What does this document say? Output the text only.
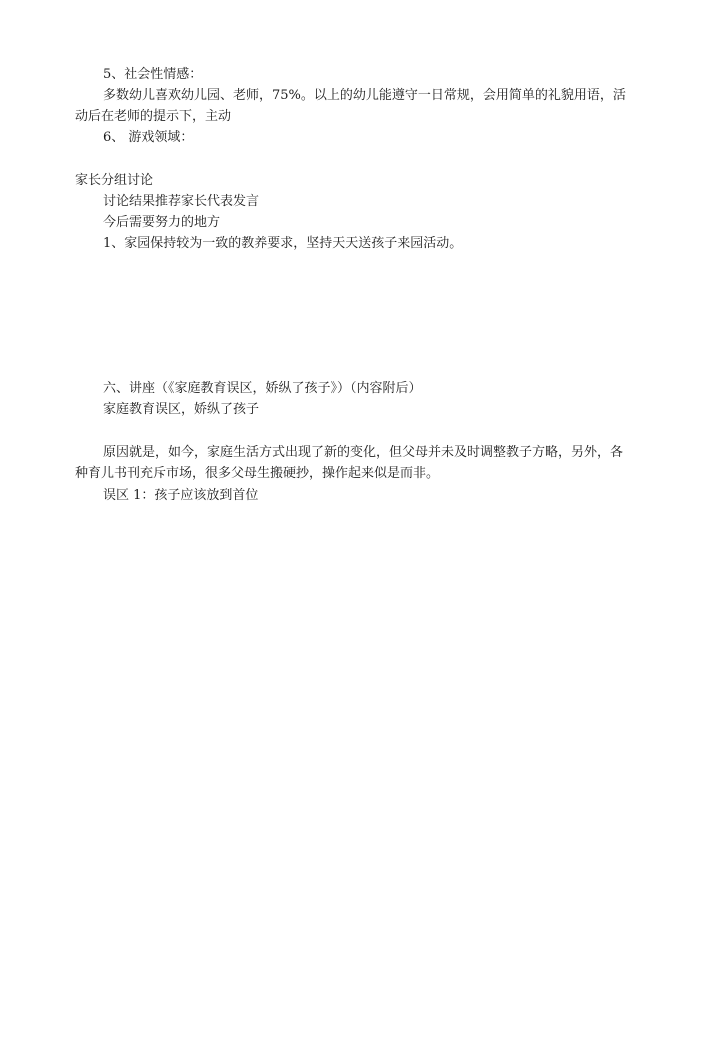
5、社会性情感：
多数幼儿喜欢幼儿园、老师，75%。以上的幼儿能遵守一日常规，会用简单的礼貌用语，活
动后在老师的提示下，主动
6、 游戏领域：
家长分组讨论
讨论结果推荐家长代表发言
今后需要努力的地方
1、家园保持较为一致的教养要求，坚持天天送孩子来园活动。
六、讲座（《家庭教育误区，娇纵了孩子》）（内容附后）
家庭教育误区，娇纵了孩子
原因就是，如今，家庭生活方式出现了新的变化，但父母并未及时调整教子方略，另外，各
种育儿书刊充斥市场，很多父母生搬硬抄，操作起来似是而非。
误区 1：孩子应该放到首位
